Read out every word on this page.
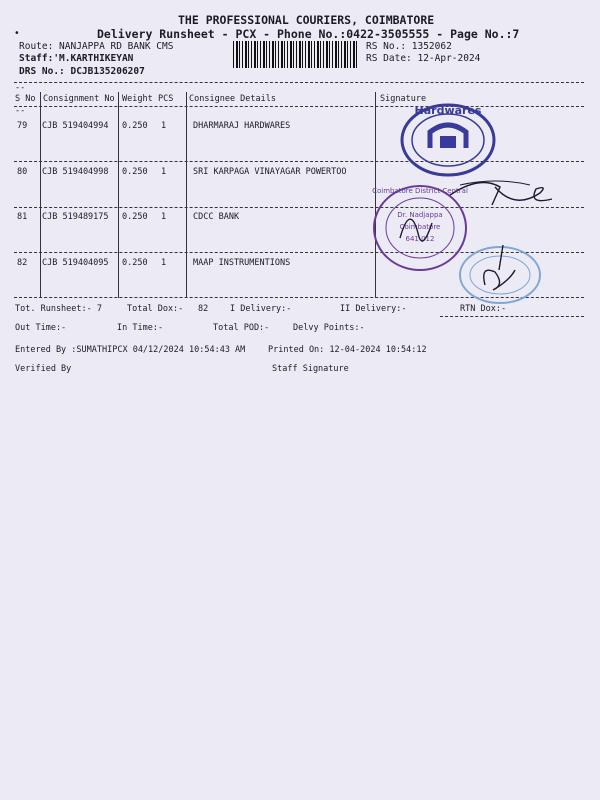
THE PROFESSIONAL COURIERS, COIMBATORE
Delivery Runsheet - PCX - Phone No.:0422-3505555 - Page No.:7
•
Route: NANJAPPA RD BANK CMS
Staff:'M.KARTHIKEYAN
DRS No.: DCJB135206207
RS No.: 1352062
RS Date: 12-Apr-2024
--
S No Consignment No Weight PCS Consignee Details	Signature
--
79 CJB 519404994 0.250 1	DHARMARAJ HARDWARES
80 CJB 519404998 0.250 1	SRI KARPAGA VINAYAGAR POWERTOO
81 CJB 519489175 0.250 1	CDCC BANK
82 CJB 519404095 0.250 1	MAAP INSTRUMENTIONS
Hardwares
Coimbatore District Central
Dr. Nadjappa
Coimbatore
641 012
Tot. Runsheet:- 7	Total Dox:- 82	I Delivery:-	II Delivery:-	RTN Dox:-
Out Time:-	In Time:-	Total POD:-	Delvy Points:-
Entered By :SUMATHIPCX 04/12/2024 10:54:43 AM	Printed On: 12-04-2024 10:54:12
Verified By	Staff Signature
